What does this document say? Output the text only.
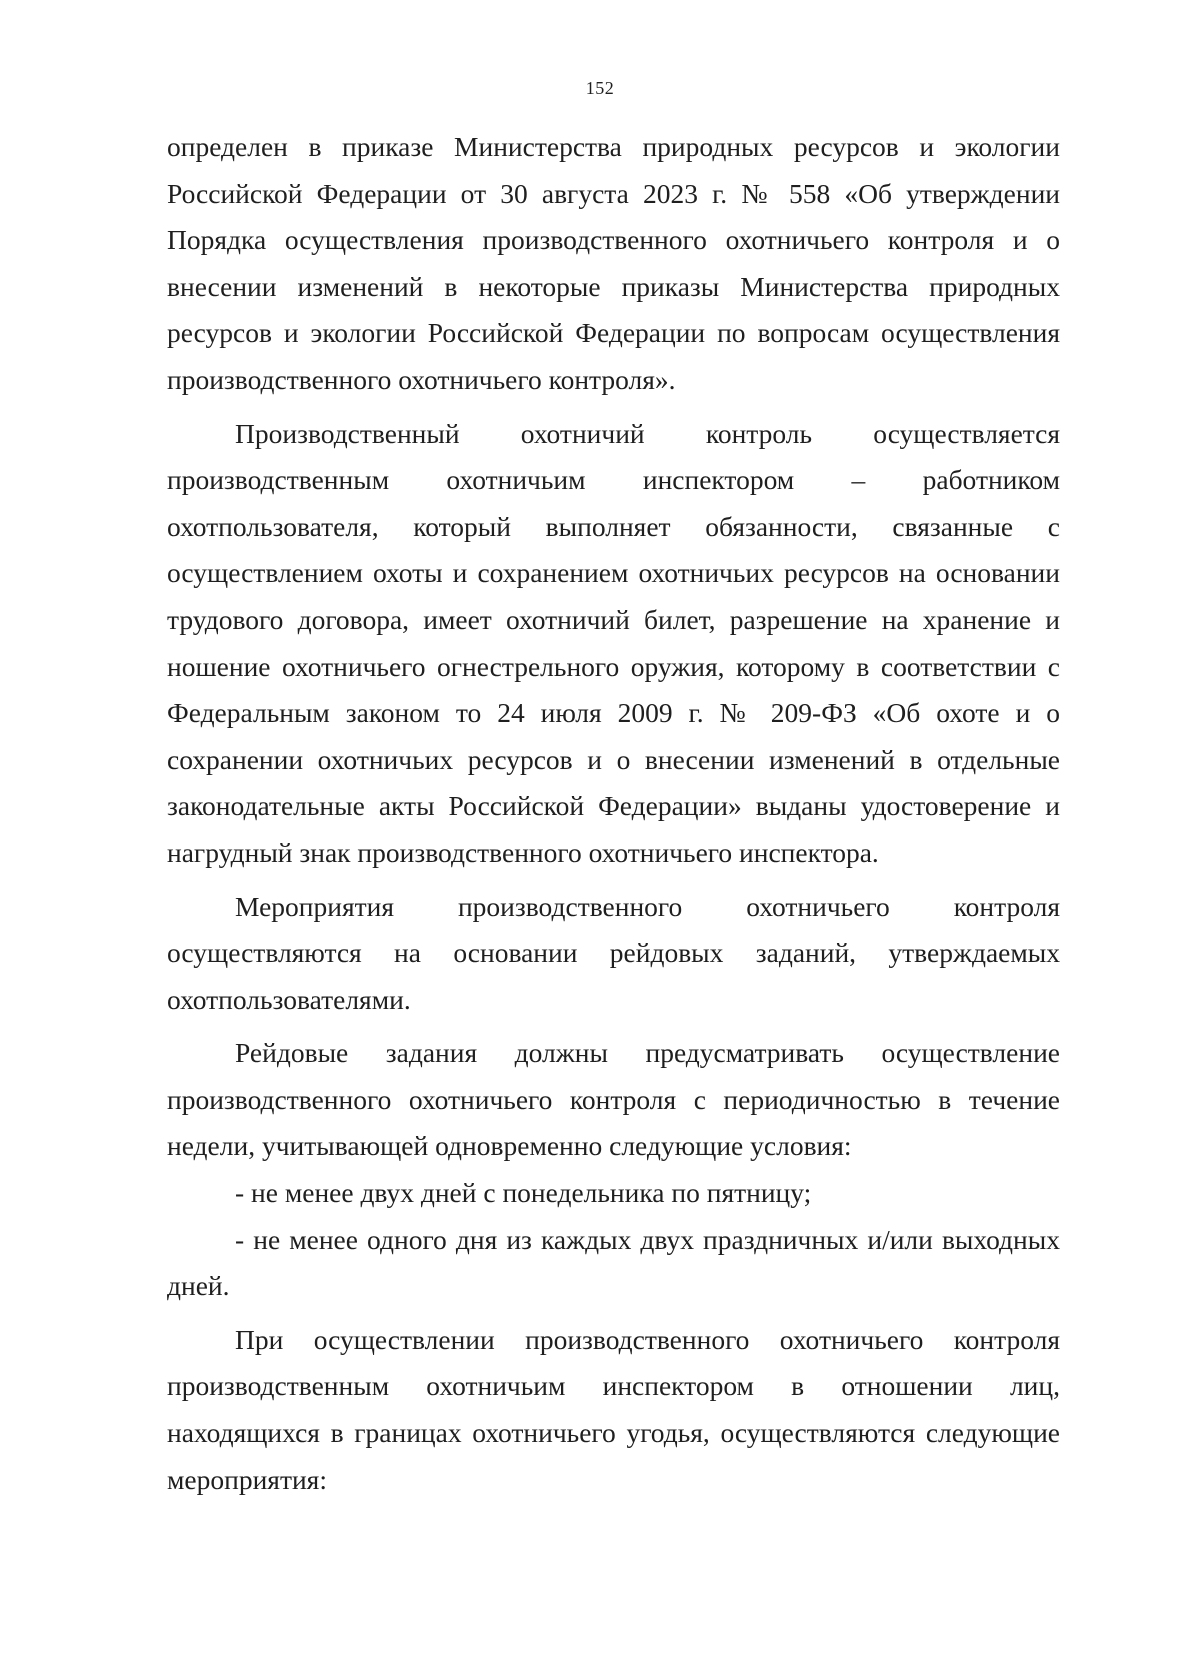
152

определен в приказе Министерства природных ресурсов и экологии Российской Федерации от 30 августа 2023 г. № 558 «Об утверждении Порядка осуществления производственного охотничьего контроля и о внесении изменений в некоторые приказы Министерства природных ресурсов и экологии Российской Федерации по вопросам осуществления производственного охотничьего контроля».

Производственный охотничий контроль осуществляется производственным охотничьим инспектором – работником охотпользователя, который выполняет обязанности, связанные с осуществлением охоты и сохранением охотничьих ресурсов на основании трудового договора, имеет охотничий билет, разрешение на хранение и ношение охотничьего огнестрельного оружия, которому в соответствии с Федеральным законом то 24 июля 2009 г. № 209-ФЗ «Об охоте и о сохранении охотничьих ресурсов и о внесении изменений в отдельные законодательные акты Российской Федерации» выданы удостоверение и нагрудный знак производственного охотничьего инспектора.

Мероприятия производственного охотничьего контроля осуществляются на основании рейдовых заданий, утверждаемых охотпользователями.

Рейдовые задания должны предусматривать осуществление производственного охотничьего контроля с периодичностью в течение недели, учитывающей одновременно следующие условия:

- не менее двух дней с понедельника по пятницу;

- не менее одного дня из каждых двух праздничных и/или выходных дней.

При осуществлении производственного охотничьего контроля производственным охотничьим инспектором в отношении лиц, находящихся в границах охотничьего угодья, осуществляются следующие мероприятия:
